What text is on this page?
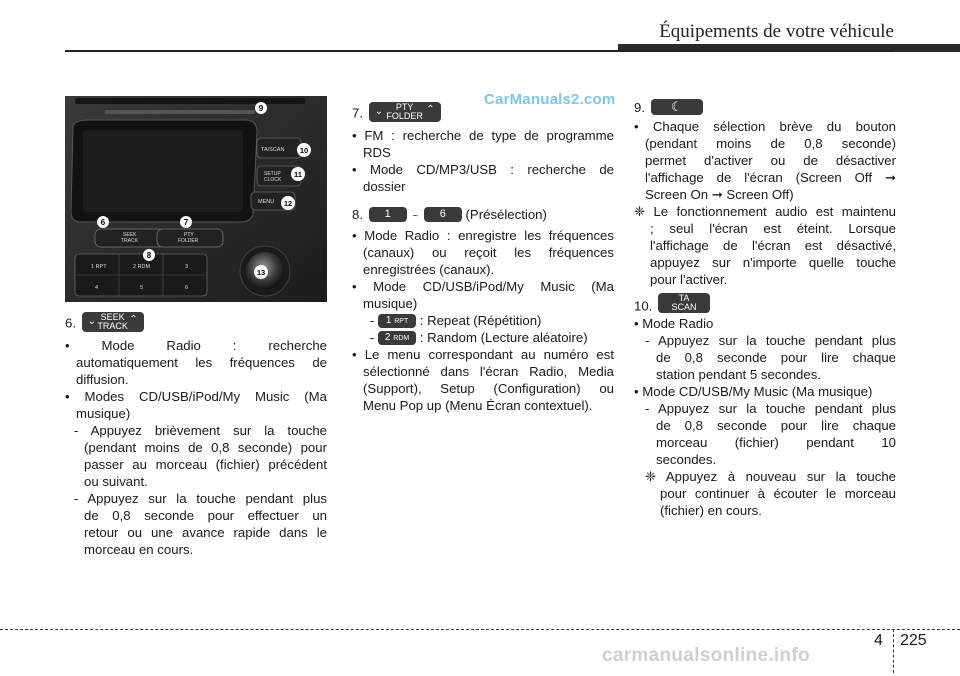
Équipements de votre véhicule
CarManuals2.com
TA/SCAN
SETUP
CLOCK
MENU
SEEK
TRACK
PTY
FOLDER
1 RPT	2 RDM	3
4	5	6
9
10
11
12
6	7
8
13
6. ⌄ SEEK
TRACK
⌃
• Mode Radio : recherche
automatiquement les fréquences de
diffusion.
• Modes CD/USB/iPod/My Music (Ma
musique)
- Appuyez brièvement sur la touche
(pendant moins de 0,8 seconde) pour
passer au morceau (fichier) précédent
ou suivant.
- Appuyez sur la touche pendant plus
de 0,8 seconde pour effectuer un
retour ou une avance rapide dans le
morceau en cours.
7. ⌄	PTY
FOLDER
⌃
• FM : recherche de type de programme
RDS
• Mode CD/MP3/USB : recherche de
dossier
8. 1 ~ 6 (Présélection)
• Mode Radio : enregistre les fréquences
(canaux) ou reçoit les fréquences
enregistrées (canaux).
• Mode CD/USB/iPod/My Music (Ma
musique)
- 1 RPT : Repeat (Répétition)
- 2 RDM : Random (Lecture aléatoire)
• Le menu correspondant au numéro est
sélectionné dans l'écran Radio, Media
(Support), Setup (Configuration) ou
Menu Pop up (Menu Écran contextuel).
9. ☾
• Chaque sélection brève du bouton
(pendant moins de 0,8 seconde)
permet d'activer ou de désactiver
l'affichage de l'écran (Screen Off ➞
Screen On ➞ Screen Off)
❈ Le fonctionnement audio est maintenu
; seul l'écran est éteint. Lorsque
l'affichage de l'écran est désactivé,
appuyez sur n'importe quelle touche
pour l'activer.
10.
TA
SCAN
• Mode Radio
- Appuyez sur la touche pendant plus
de 0,8 seconde pour lire chaque
station pendant 5 secondes.
• Mode CD/USB/My Music (Ma musique)
- Appuyez sur la touche pendant plus
de 0,8 seconde pour lire chaque
morceau (fichier) pendant 10
secondes.
❈ Appuyez à nouveau sur la touche
pour continuer à écouter le morceau
(fichier) en cours.
4 225
carmanualsonline.info
